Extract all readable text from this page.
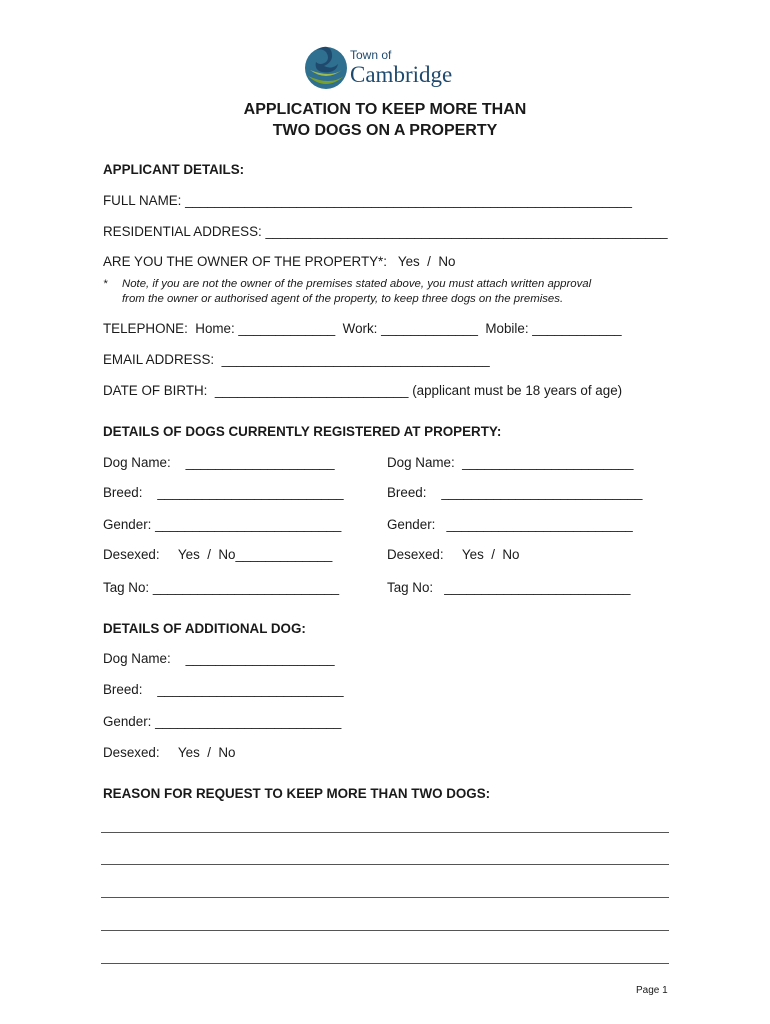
Town of
Cambridge
APPLICATION TO KEEP MORE THAN
TWO DOGS ON A PROPERTY
APPLICANT DETAILS:
FULL NAME: ____________________________________________________________
RESIDENTIAL ADDRESS: ______________________________________________________
ARE YOU THE OWNER OF THE PROPERTY*:   Yes  /  No
* Note, if you are not the owner of the premises stated above, you must attach written approval
from the owner or authorised agent of the property, to keep three dogs on the premises.
TELEPHONE:  Home: _____________  Work: _____________  Mobile: ____________
EMAIL ADDRESS:  ____________________________________
DATE OF BIRTH:  __________________________ (applicant must be 18 years of age)
DETAILS OF DOGS CURRENTLY REGISTERED AT PROPERTY:
Dog Name:    ____________________
Breed:    _________________________
Gender: _________________________
Desexed:     Yes  /  No_____________
Tag No: _________________________
Dog Name:  _______________________
Breed:    ___________________________
Gender:   _________________________
Desexed:     Yes  /  No
Tag No:   _________________________
DETAILS OF ADDITIONAL DOG:
Dog Name:    ____________________
Breed:    _________________________
Gender: _________________________
Desexed:     Yes  /  No
REASON FOR REQUEST TO KEEP MORE THAN TWO DOGS:
Page 1
